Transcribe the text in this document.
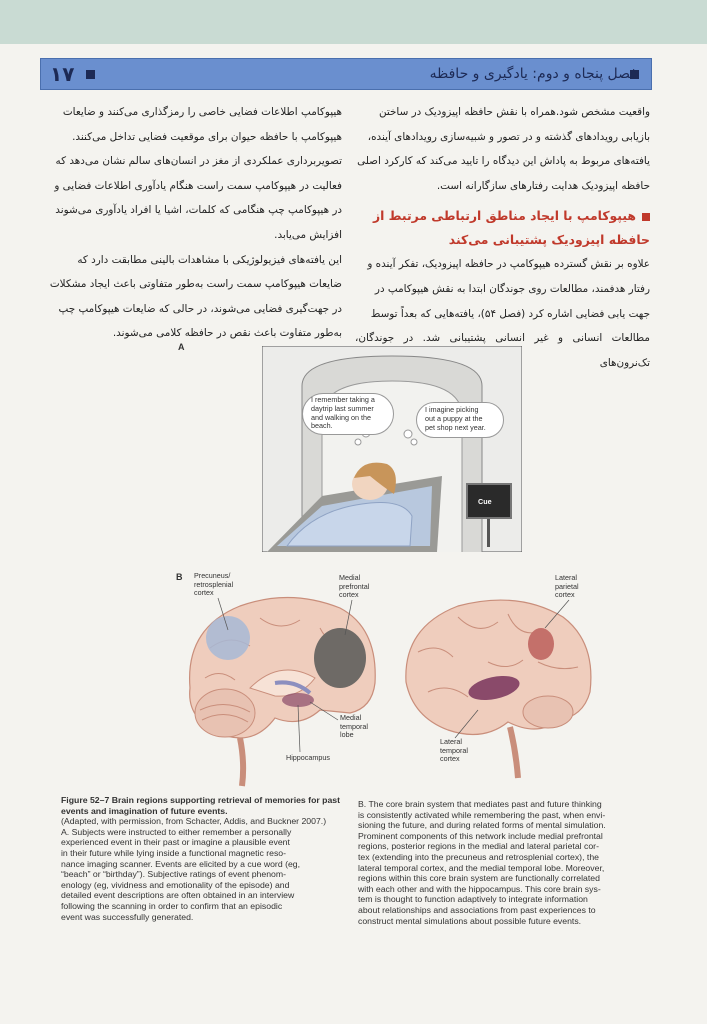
۱۷	فصل پنجاه و دوم: یادگیری و حافظه

واقعیت مشخص شود.همراه با نقش حافظه اپیزودیک در ساختن

بازیابی رویدادهای گذشته و در تصور و شبیه‌سازی رویدادهای آینده،

یافته‌های مربوط به پاداش این دیدگاه را تایید می‌کند که کارکرد اصلی

حافظه اپیزودیک هدایت رفتارهای سازگارانه است.

هیپوکامپ با ایجاد مناطق ارتباطی مرتبط از
حافظه اپیزودیک پشتیبانی می‌کند

علاوه بر نقش گسترده هیپوکامپ در حافظه اپیزودیک، تفکر آینده و

رفتار هدفمند، مطالعات روی جوندگان ابتدا به نقش هیپوکامپ در

جهت یابی فضایی اشاره کرد (فصل ۵۴)، یافته‌هایی که بعداً توسط

مطالعات انسانی و غیر انسانی پشتیبانی شد. در جوندگان، تک‌نرون‌های

هیپوکامپ اطلاعات فضایی خاصی را رمزگذاری می‌کنند و ضایعات

هیپوکامپ با حافظه حیوان برای موقعیت فضایی تداخل می‌کنند.

تصویربرداری عملکردی از مغز در انسان‌های سالم نشان می‌دهد که

فعالیت در هیپوکامپ سمت راست هنگام یادآوری اطلاعات فضایی و

در هیپوکامپ چپ هنگامی که کلمات، اشیا یا افراد یادآوری می‌شوند

افزایش می‌یابد.

این یافته‌های فیزیولوژیکی با مشاهدات بالینی مطابقت دارد که

ضایعات هیپوکامپ سمت راست به‌طور متفاوتی باعث ایجاد مشکلات

در جهت‌گیری فضایی می‌شوند، در حالی که ضایعات هیپوکامپ چپ

به‌طور متفاوت باعث نقص در حافظه کلامی می‌شوند.

A
I remember taking a
daytrip last summer
and walking on the
beach.
I imagine picking
out a puppy at the
pet shop next year.
Cue
B Precuneus/
retrosplenial
cortex
Medial
prefrontal
cortex
Medial
temporal
lobe
Hippocampus
Lateral
parietal
cortex
Lateral
temporal
cortex
Figure 52–7 Brain regions supporting retrieval of memories for past events and imagination of future events.
(Adapted, with permission, from Schacter, Addis, and Buckner 2007.)
A. Subjects were instructed to either remember a personally
experienced event in their past or imagine a plausible event
in their future while lying inside a functional magnetic reso-
nance imaging scanner. Events are elicited by a cue word (eg,
“beach” or “birthday”). Subjective ratings of event phenom-
enology (eg, vividness and emotionality of the episode) and
detailed event descriptions are often obtained in an interview
following the scanning in order to confirm that an episodic
event was successfully generated.
B. The core brain system that mediates past and future thinking
is consistently activated while remembering the past, when envi-
sioning the future, and during related forms of mental simulation.
Prominent components of this network include medial prefrontal
regions, posterior regions in the medial and lateral parietal cor-
tex (extending into the precuneus and retrosplenial cortex), the
lateral temporal cortex, and the medial temporal lobe. Moreover,
regions within this core brain system are functionally correlated
with each other and with the hippocampus. This core brain sys-
tem is thought to function adaptively to integrate information
about relationships and associations from past experiences to
construct mental simulations about possible future events.
